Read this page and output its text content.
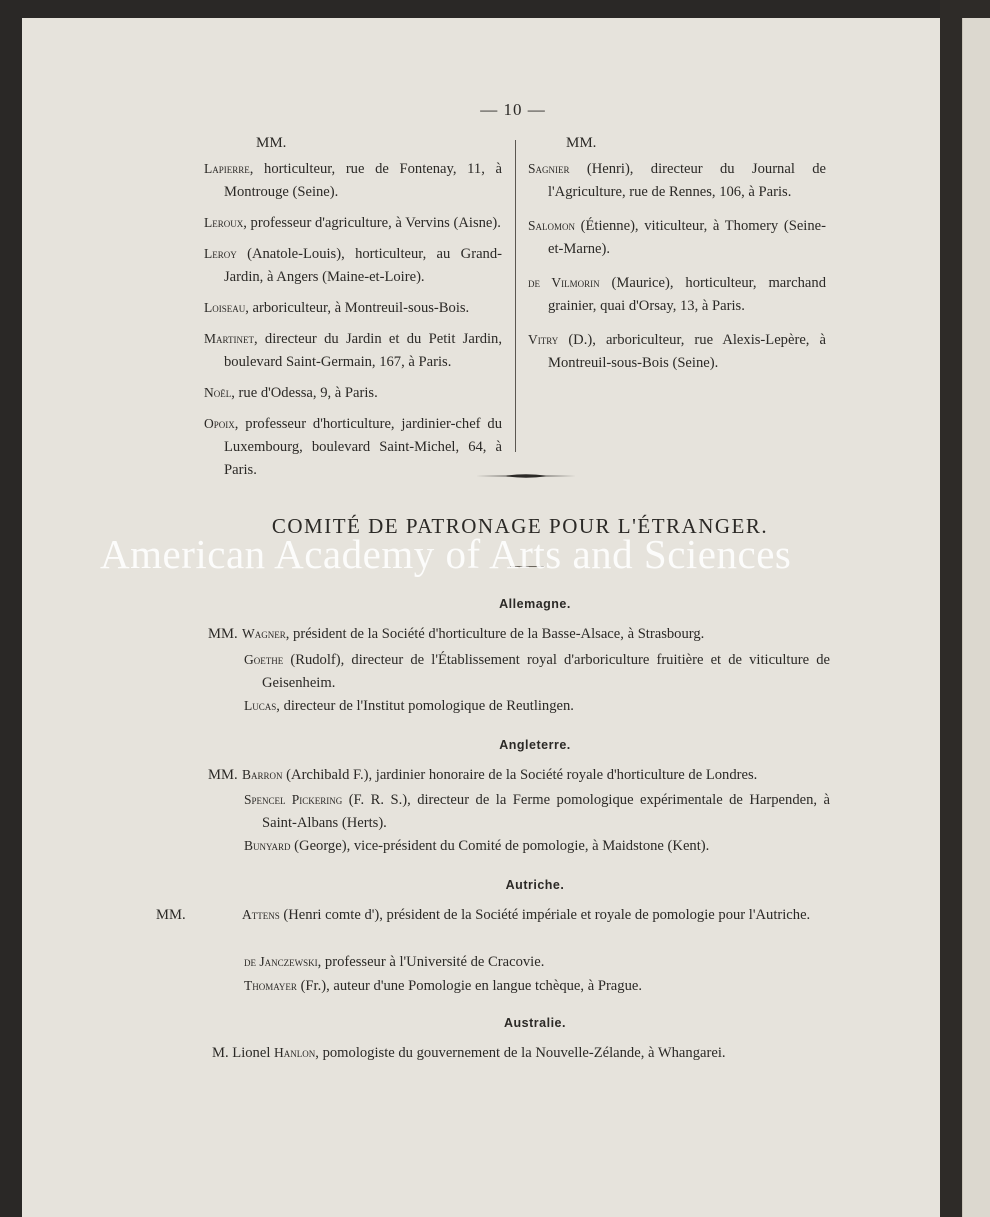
— 10 —
MM.
Lapierre, horticulteur, rue de Fontenay, 11, à Montrouge (Seine).
Leroux, professeur d'agriculture, à Vervins (Aisne).
Leroy (Anatole-Louis), horticulteur, au Grand-Jardin, à Angers (Maine-et-Loire).
Loiseau, arboriculteur, à Montreuil-sous-Bois.
Martinet, directeur du Jardin et du Petit Jardin, boulevard Saint-Germain, 167, à Paris.
Noël, rue d'Odessa, 9, à Paris.
Opoix, professeur d'horticulture, jardinier-chef du Luxembourg, boulevard Saint-Michel, 64, à Paris.
MM.
Sagnier (Henri), directeur du Journal de l'Agriculture, rue de Rennes, 106, à Paris.
Salomon (Étienne), viticulteur, à Thomery (Seine-et-Marne).
de Vilmorin (Maurice), horticulteur, marchand grainier, quai d'Orsay, 13, à Paris.
Vitry (D.), arboriculteur, rue Alexis-Lepère, à Montreuil-sous-Bois (Seine).
COMITÉ DE PATRONAGE POUR L'ÉTRANGER.
Allemagne.
MM. Wagner, président de la Société d'horticulture de la Basse-Alsace, à Strasbourg.
Goethe (Rudolf), directeur de l'Établissement royal d'arboriculture fruitière et de viticulture de Geisenheim.
Lucas, directeur de l'Institut pomologique de Reutlingen.
Angleterre.
MM. Barron (Archibald F.), jardinier honoraire de la Société royale d'horticulture de Londres.
Spencel Pickering (F. R. S.), directeur de la Ferme pomologique expérimentale de Harpenden, à Saint-Albans (Herts).
Bunyard (George), vice-président du Comité de pomologie, à Maidstone (Kent).
Autriche.
MM.	Attens (Henri comte d'), président de la Société impériale et royale de pomologie pour l'Autriche.
de Janczewski, professeur à l'Université de Cracovie.
Thomayer (Fr.), auteur d'une Pomologie en langue tchèque, à Prague.
Australie.
M. Lionel Hanlon, pomologiste du gouvernement de la Nouvelle-Zélande, à Whangarei.
American Academy of Arts and Sciences
